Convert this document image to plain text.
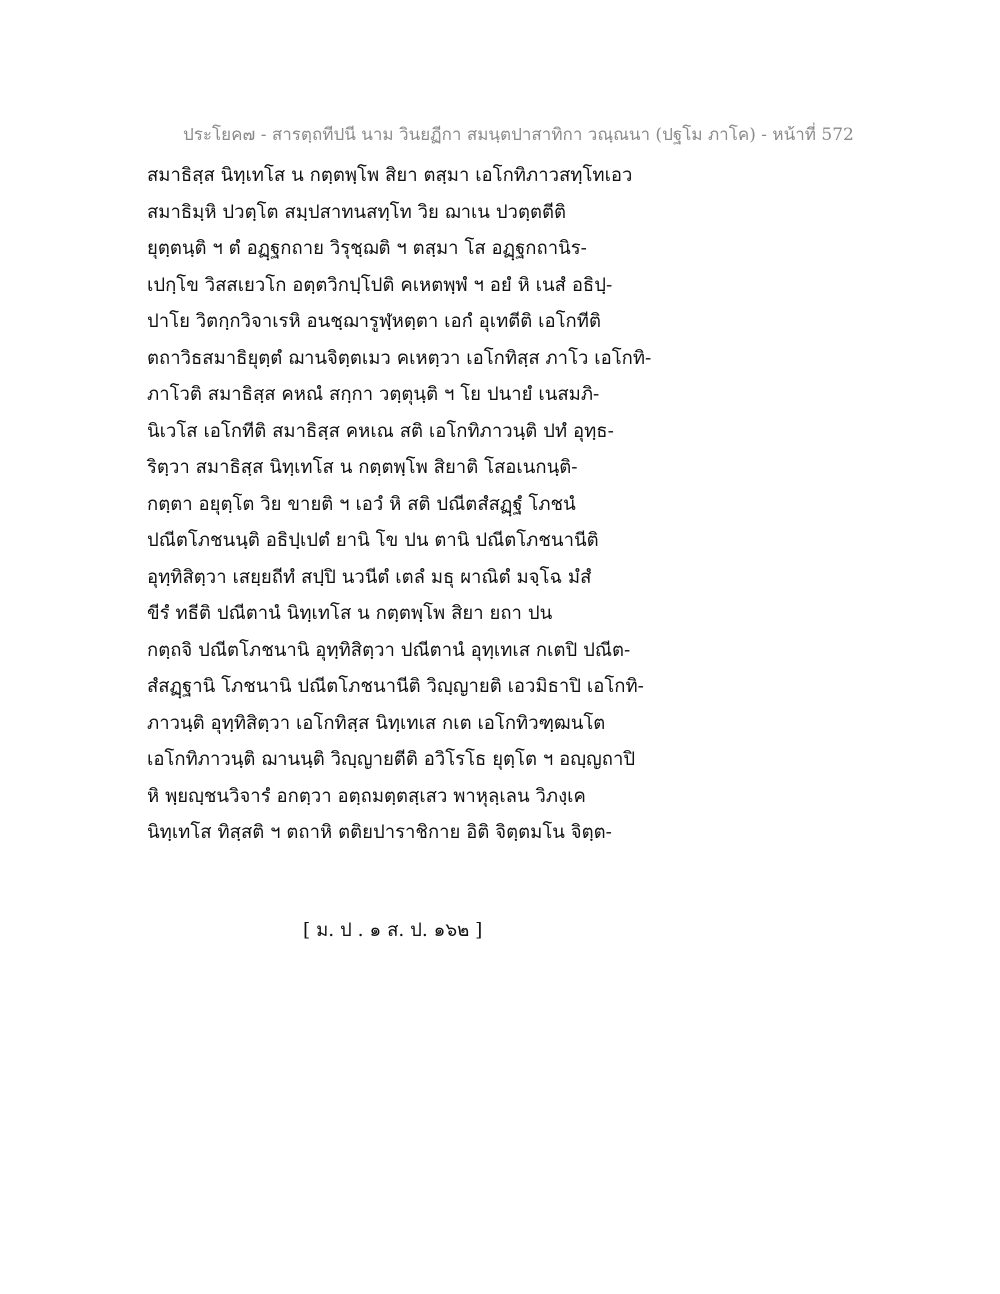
ประโยค๗ - สารตฺถทีปนี นาม วินยฏีกา สมนฺตปาสาทิกา วณฺณนา (ปฐโม ภาโค) - หน้าที่ 572
สมาธิสฺส นิทฺเทโส น กตฺตพฺโพ สิยา ตสฺมา เอโกทิภาวสทฺโทเอว
สมาธิมฺหิ ปวตฺโต สมฺปสาทนสทฺโท วิย ฌาเน ปวตฺตตีติ
ยุตฺตนฺติ ฯ ตํ อฏฺฐกถาย วิรุชฺฌติ ฯ ตสฺมา โส อฏฺฐกถานิร-
เปกฺโข วิสสเยวโก อตฺตวิกปฺโปติ คเหตพฺพํ ฯ อยํ หิ เนสํ อธิปฺ-
ปาโย วิตกฺกวิจาเรหิ อนชฺฌารูฬฺหตฺตา เอกํ อุเทตีติ เอโกทีติ
ตถาวิธสมาธิยุตฺตํ ฌานจิตฺตเมว คเหตฺวา เอโกทิสฺส ภาโว เอโกทิ-
ภาโวติ สมาธิสฺส คหณํ สกฺกา วตฺตุนฺติ ฯ โย ปนายํ เนสมภิ-
นิเวโส เอโกทีติ สมาธิสฺส คหเณ สติ เอโกทิภาวนฺติ ปทํ อุทฺธ-
ริตฺวา สมาธิสฺส นิทฺเทโส น กตฺตพฺโพ สิยาติ โสอเนกนฺติ-
กตฺตา อยุตฺโต วิย ขายติ ฯ เอวํ หิ สติ ปณีตสํสฏฺฐํ โภชนํ
ปณีตโภชนนฺติ อธิปฺเปตํ ยานิ โข ปน ตานิ ปณีตโภชนานีติ
อุทฺทิสิตฺวา เสยฺยถีทํ สปฺปิ นวนีตํ เตลํ มธุ ผาณิตํ มจฺโฉ มํสํ
ขีรํ ทธีติ ปณีตานํ นิทฺเทโส น กตฺตพฺโพ สิยา ยถา ปน
กตฺถจิ ปณีตโภชนานิ อุทฺทิสิตฺวา ปณีตานํ อุทฺเทเส กเตปิ ปณีต-
สํสฏฺฐานิ โภชนานิ ปณีตโภชนานีติ วิญฺญายติ เอวมิธาปิ เอโกทิ-
ภาวนฺติ อุทฺทิสิตฺวา เอโกทิสฺส นิทฺเทเส กเต เอโกทิวฑฺฒนโต
เอโกทิภาวนฺติ ฌานนฺติ วิญฺญายตีติ อวิโรโธ ยุตฺโต ฯ อญฺญถาปิ
หิ พฺยญฺชนวิจารํ อกตฺวา อตฺถมตฺตสฺเสว พาหุลฺเลน วิภงฺเค
นิทฺเทโส ทิสฺสติ ฯ ตถาหิ ตติยปาราชิกาย อิติ จิตฺตมโน จิตฺต-
[ ม. ป . ๑ ส. ป. ๑๖๒ ]
